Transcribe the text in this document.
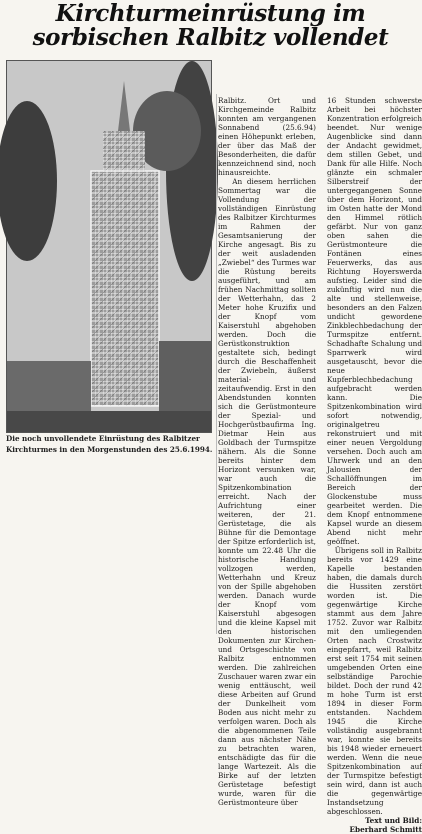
Kirchturmeinrüstung im
sorbischen Ralbitz vollendet
Die noch unvollendete Einrüstung des Ralbitzer Kirchturmes in den Morgenstunden des 25.6.1994.
Ralbitz. Ort und Kirchgemeinde Ralbitz konnten am vergangenen Sonnabend (25.6.94) einen Höhepunkt erleben, der über das Maß der Besonderheiten, die dafür kennzeichnend sind, noch hinausreichte.
An diesem herrlichen Sommertag war die Vollendung der vollständigen Einrüstung des Ralbitzer Kirchturmes im Rahmen der Gesamtsanierung der Kirche angesagt. Bis zu der weit ausladenden „Zwiebel“ des Turmes war die Rüstung bereits ausgeführt, und am frühen Nachmittag sollten der Wetterhahn, das 2 Meter hohe Kruzifix und der Knopf vom Kaiserstuhl abgehoben werden. Doch die Gerüstkonstruktion gestaltete sich, bedingt durch die Beschaffenheit der Zwiebeln, äußerst material- und zeitaufwendig. Erst in den Abendstunden konnten sich die Gerüstmonteure der Spezial- und Hochgerüstbaufirma Ing. Dietmar Hein aus Goldbach der Turmspitze nähern. Als die Sonne bereits hinter dem Horizont versunken war, war auch die Spitzenkombination erreicht. Nach der Aufrichtung einer weiteren, der 21. Gerüstetage, die als Bühne für die Demontage der Spitze erforderlich ist, konnte um 22.48 Uhr die historische Handlung vollzogen werden, Wetterhahn und Kreuz von der Spille abgehoben werden. Danach wurde der Knopf vom Kaiserstuhl abgesogen und die kleine Kapsel mit den historischen Dokumenten zur Kirchen- und Ortsgeschichte von Ralbitz entnommen werden. Die zahlreichen Zuschauer waren zwar ein wenig enttäuscht, weil diese Arbeiten auf Grund der Dunkelheit vom Boden aus nicht mehr zu verfolgen waren. Doch als die abgenommenen Teile dann aus nächster Nähe zu betrachten waren, entschädigte das für die lange Wartezeit. Als die Birke auf der letzten Gerüstetage befestigt wurde, waren für die Gerüstmonteure über
16 Stunden schwerste Arbeit bei höchster Konzentration erfolgreich beendet. Nur wenige Augenblicke sind dann der Andacht gewidmet, dem stillen Gebet, und Dank für alle Hilfe. Noch glänzte ein schmaler Silberstreif der untergegangenen Sonne über dem Horizont, und im Osten hatte der Mond den Himmel rötlich gefärbt. Nur von ganz oben sahen die Gerüstmonteure die Fontänen eines Feuerwerks, das aus Richtung Hoyerswerda aufstieg. Leider sind die zukünftig wird nun die alte und stellenweise, besonders an den Falzen undicht gewordene Zinkblechbedachung der Turmspitze entfernt. Schadhafte Schalung und Sparrwerk wird ausgetauscht, bevor die neue Kupferblechbedachung aufgebracht werden kann. Die Spitzenkombination wird sofort notwendig, originalgetreu rekonstruiert und mit einer neuen Vergoldung versehen. Doch auch am Uhrwerk und an den Jalousien der Schallöffnungen im Bereich der Glockenstube muss gearbeitet werden. Die dem Knopf entnommene Kapsel wurde an diesem Abend nicht mehr geöffnet.
Übrigens soll in Ralbitz bereits vor 1429 eine Kapelle bestanden haben, die damals durch die Hussiten zerstört worden ist. Die gegenwärtige Kirche stammt aus dem Jahre 1752. Zuvor war Ralbitz mit den umliegenden Orten nach Crostwitz eingepfarrt, weil Ralbitz erst seit 1754 mit seinen umgebenden Orten eine selbständige Parochie bildet. Doch der rund 42 m hohe Turm ist erst 1894 in dieser Form entstanden. Nachdem 1945 die Kirche vollständig ausgebrannt war, konnte sie bereits bis 1948 wieder erneuert werden. Wenn die neue Spitzenkombination auf der Turmspitze befestigt sein wird, dann ist auch die gegenwärtige Instandsetzung abgeschlossen.

Text und Bild:
Eberhard Schmitt
